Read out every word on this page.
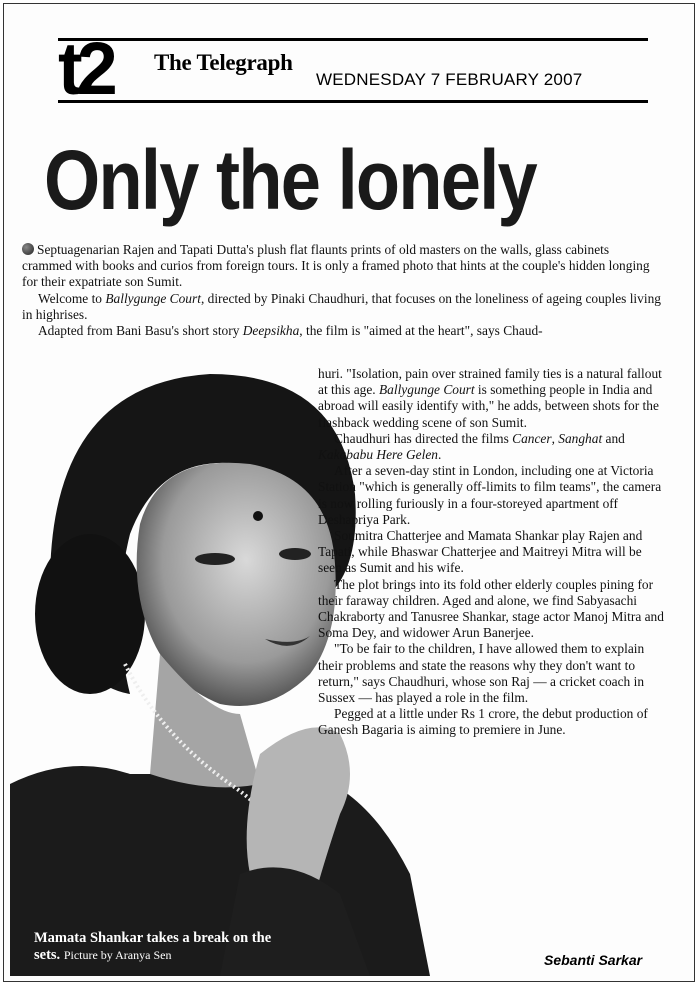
t2	The Telegraph
WEDNESDAY 7 FEBRUARY 2007
Only the lonely

Septuagenarian Rajen and Tapati Dutta's plush flat flaunts prints of old masters on the walls, glass cabinets crammed with books and curios from foreign tours. It is only a framed photo that hints at the couple's hidden longing for their expatriate son Sumit.

Welcome to Ballygunge Court, directed by Pinaki Chaudhuri, that focuses on the loneliness of ageing couples living in highrises.

Adapted from Bani Basu's short story Deepsikha, the film is "aimed at the heart", says Chaud-

huri. "Isolation, pain over strained family ties is a natural fallout at this age. Ballygunge Court is something people in India and abroad will easily identify with," he adds, between shots for the flashback wedding scene of son Sumit.

Chaudhuri has directed the films Cancer, Sanghat and Kakababu Here Gelen.

After a seven-day stint in London, including one at Victoria Station "which is generally off-limits to film teams", the camera is now rolling furiously in a four-storeyed apartment off Deshapriya Park.

Soumitra Chatterjee and Mamata Shankar play Rajen and Tapati, while Bhaswar Chatterjee and Maitreyi Mitra will be seen as Sumit and his wife.

The plot brings into its fold other elderly couples pining for their faraway children. Aged and alone, we find Sabyasachi Chakraborty and Tanusree Shankar, stage actor Manoj Mitra and Soma Dey, and widower Arun Banerjee.

"To be fair to the children, I have allowed them to explain their problems and state the reasons why they don't want to return," says Chaudhuri, whose son Raj — a cricket coach in Sussex — has played a role in the film.

Pegged at a little under Rs 1 crore, the debut production of Ganesh Bagaria is aiming to premiere in June.

Mamata Shankar takes a break on the sets. Picture by Aranya Sen	Sebanti Sarkar
